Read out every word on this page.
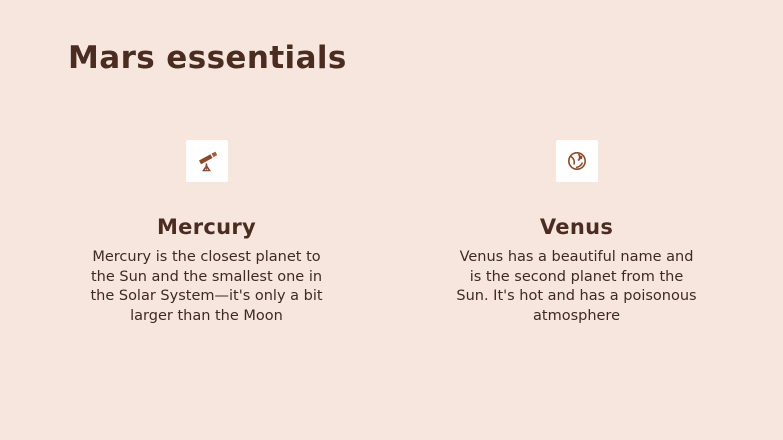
Mars essentials
Mercury
Mercury is the closest planet to the Sun and the smallest one in the Solar System—it's only a bit larger than the Moon
Venus
Venus has a beautiful name and is the second planet from the Sun. It's hot and has a poisonous atmosphere
